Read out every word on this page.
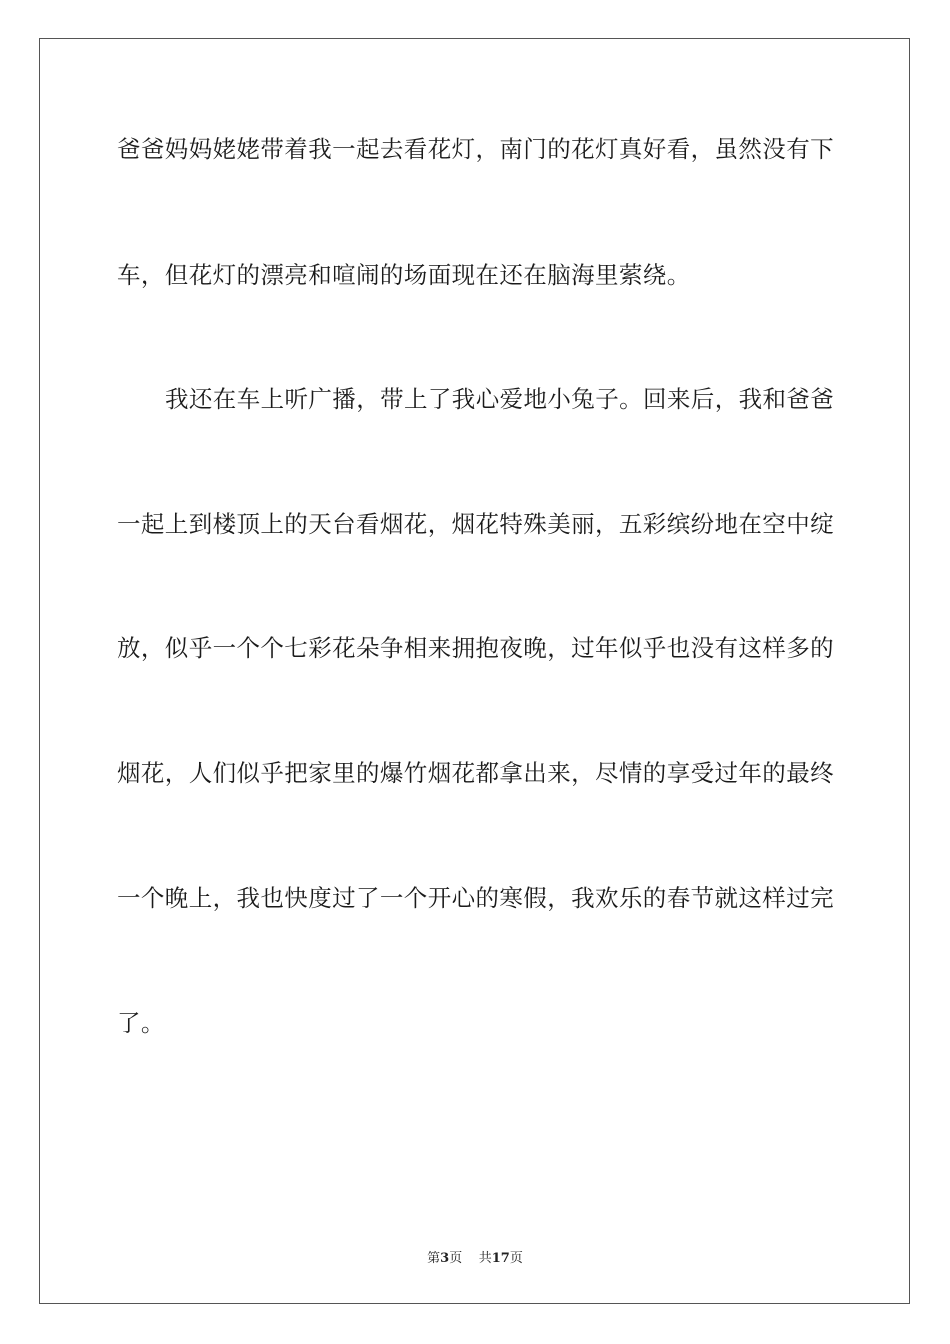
爸爸妈妈姥姥带着我一起去看花灯，南门的花灯真好看，虽然没有下
车，但花灯的漂亮和喧闹的场面现在还在脑海里萦绕。
我还在车上听广播，带上了我心爱地小兔子。回来后，我和爸爸
一起上到楼顶上的天台看烟花，烟花特殊美丽，五彩缤纷地在空中绽
放，似乎一个个七彩花朵争相来拥抱夜晚，过年似乎也没有这样多的
烟花，人们似乎把家里的爆竹烟花都拿出来，尽情的享受过年的最终
一个晚上，我也快度过了一个开心的寒假，我欢乐的春节就这样过完
了。
第3页 共17页
